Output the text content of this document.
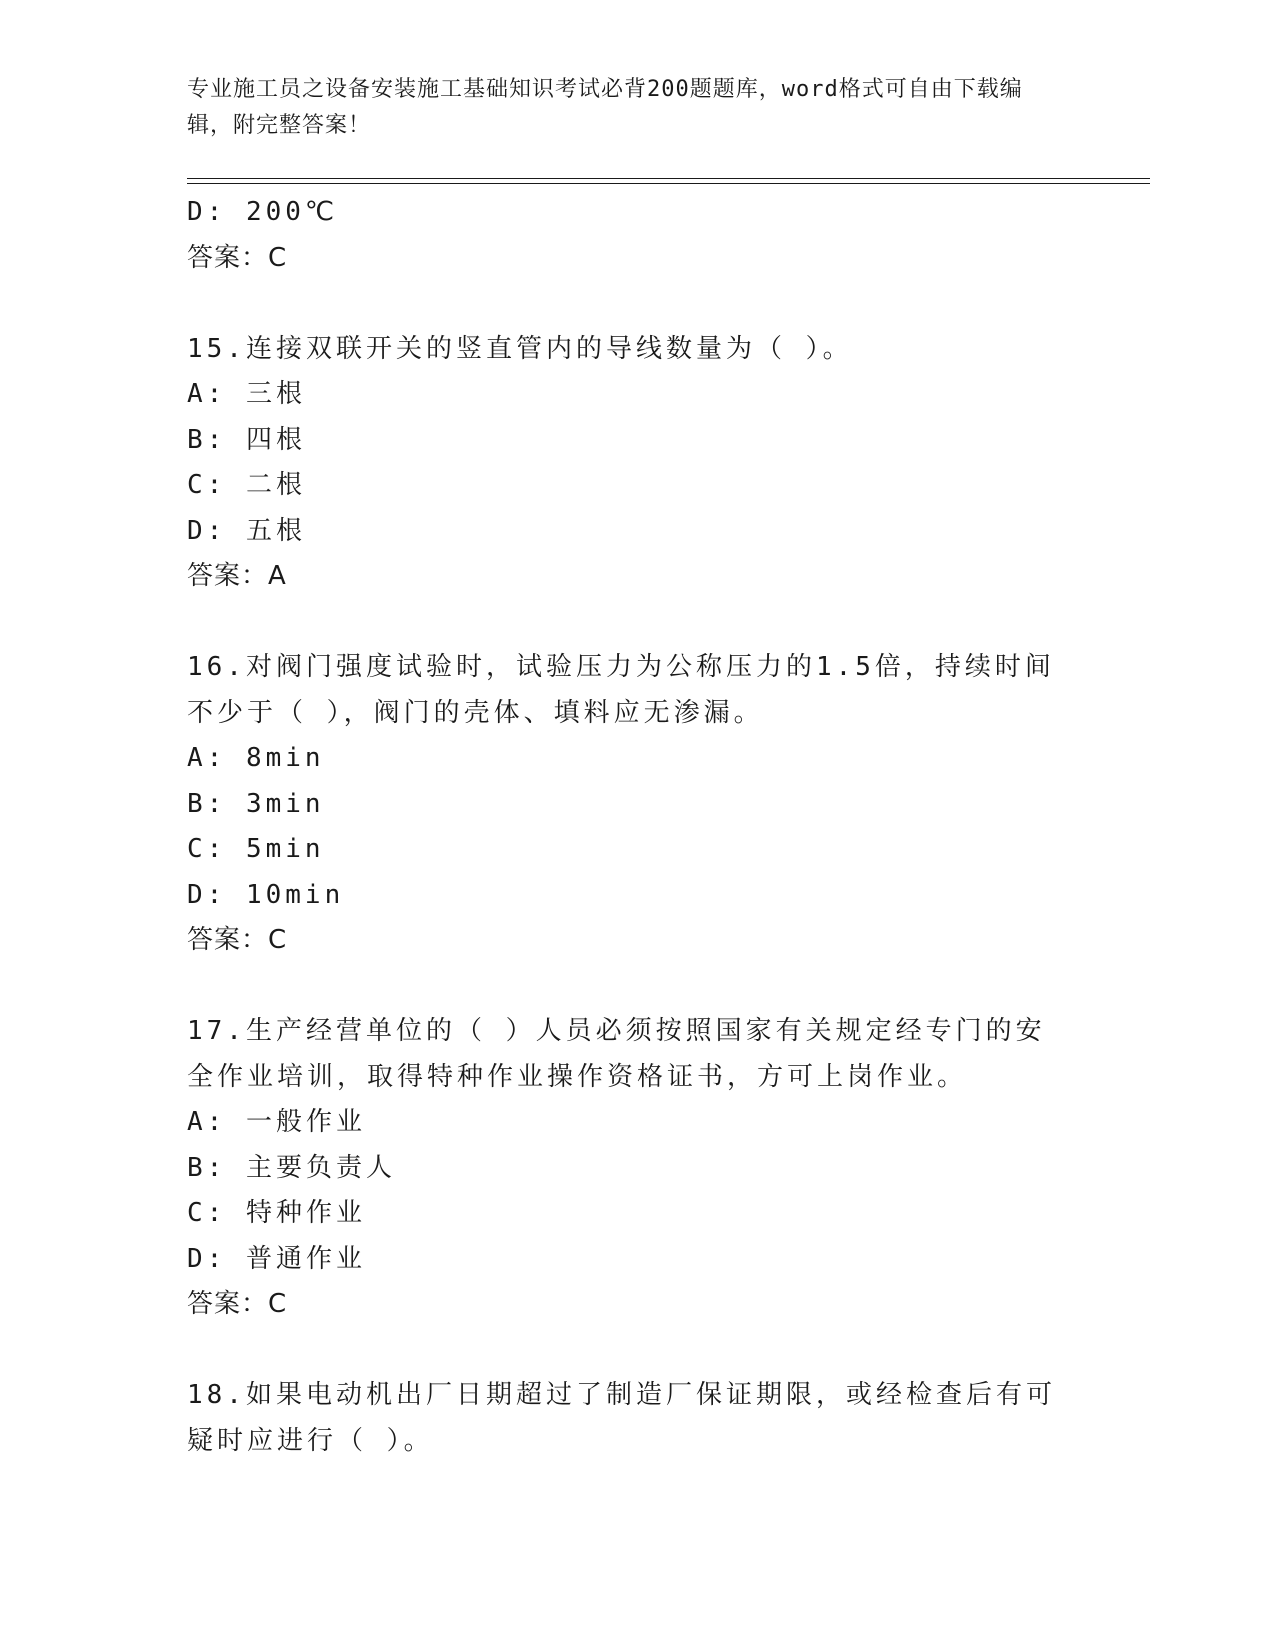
专业施工员之设备安装施工基础知识考试必背200题题库，word格式可自由下载编辑，附完整答案！

D: 200℃
答案：C

15.连接双联开关的竖直管内的导线数量为（ ）。

A: 三根
B: 四根
C: 二根
D: 五根
答案：A

16.对阀门强度试验时，试验压力为公称压力的1.5倍，持续时间不少于（ ），阀门的壳体、填料应无渗漏。

A: 8min
B: 3min
C: 5min
D: 10min
答案：C

17.生产经营单位的（ ）人员必须按照国家有关规定经专门的安全作业培训，取得特种作业操作资格证书，方可上岗作业。

A: 一般作业
B: 主要负责人
C: 特种作业
D: 普通作业
答案：C

18.如果电动机出厂日期超过了制造厂保证期限，或经检查后有可疑时应进行（ ）。
